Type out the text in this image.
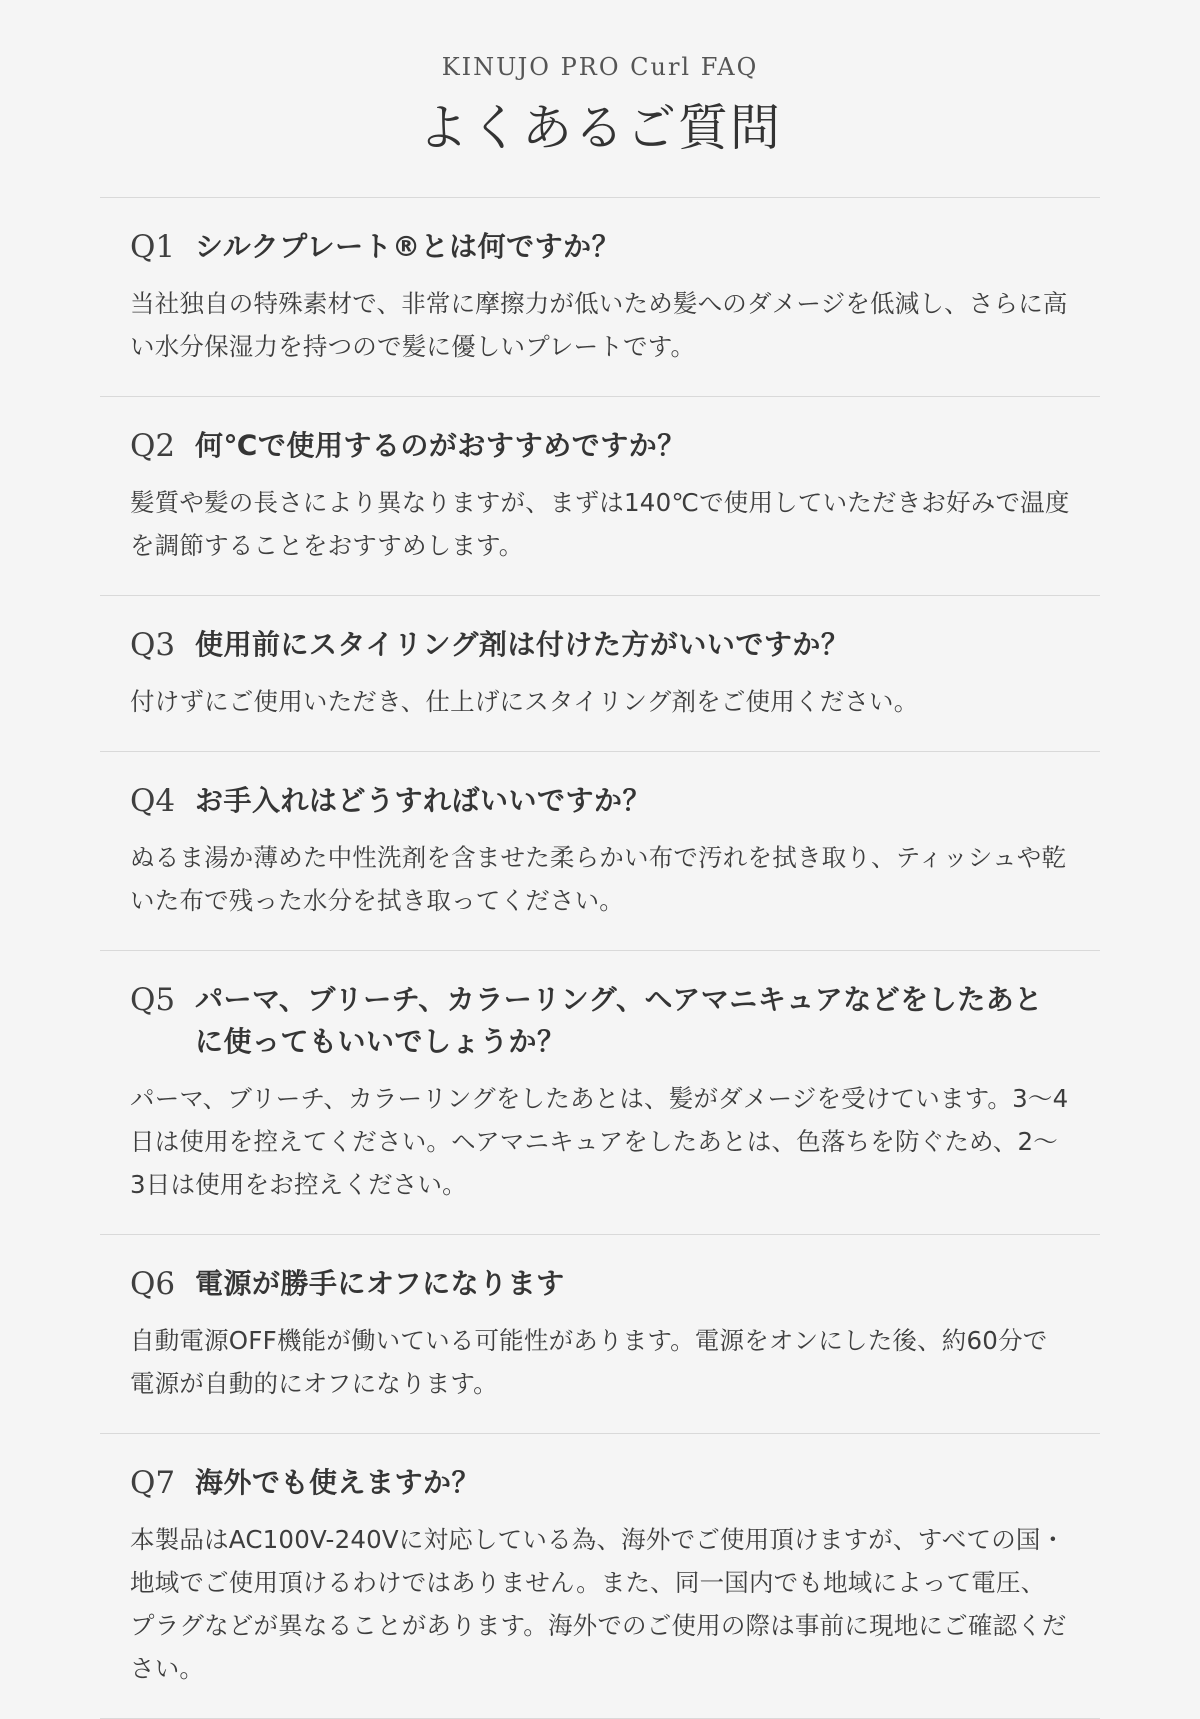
KINUJO PRO Curl FAQ
よくあるご質問
Q1 シルクプレート®とは何ですか？
当社独自の特殊素材で、非常に摩擦力が低いため髪へのダメージを低減し、さらに高い水分保湿力を持つので髪に優しいプレートです。
Q2 何℃で使用するのがおすすめですか？
髪質や髪の長さにより異なりますが、まずは140℃で使用していただきお好みで温度を調節することをおすすめします。
Q3 使用前にスタイリング剤は付けた方がいいですか？
付けずにご使用いただき、仕上げにスタイリング剤をご使用ください。
Q4 お手入れはどうすればいいですか？
ぬるま湯か薄めた中性洗剤を含ませた柔らかい布で汚れを拭き取り、ティッシュや乾いた布で残った水分を拭き取ってください。
Q5 パーマ、ブリーチ、カラーリング、ヘアマニキュアなどをしたあとに使ってもいいでしょうか？
パーマ、ブリーチ、カラーリングをしたあとは、髪がダメージを受けています。3〜4日は使用を控えてください。ヘアマニキュアをしたあとは、色落ちを防ぐため、2〜3日は使用をお控えください。
Q6 電源が勝手にオフになります
自動電源OFF機能が働いている可能性があります。電源をオンにした後、約60分で電源が自動的にオフになります。
Q7 海外でも使えますか？
本製品はAC100V-240Vに対応している為、海外でご使用頂けますが、すべての国・地域でご使用頂けるわけではありません。また、同一国内でも地域によって電圧、プラグなどが異なることがあります。海外でのご使用の際は事前に現地にご確認ください。
